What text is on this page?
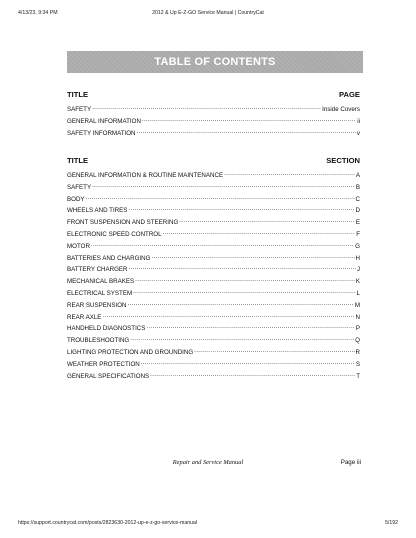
4/13/23, 9:34 PM	2012 & Up E-Z-GO Service Manual | CountryCat
TABLE OF CONTENTS
TITLE	PAGE
SAFETY .....	Inside Covers
GENERAL INFORMATION .....	ii
SAFETY INFORMATION .....	v
TITLE	SECTION
GENERAL INFORMATION & ROUTINE MAINTENANCE .....	A
SAFETY .....	B
BODY .....	C
WHEELS AND TIRES .....	D
FRONT SUSPENSION AND STEERING .....	E
ELECTRONIC SPEED CONTROL .....	F
MOTOR .....	G
BATTERIES AND CHARGING .....	H
BATTERY CHARGER .....	J
MECHANICAL BRAKES .....	K
ELECTRICAL SYSTEM .....	L
REAR SUSPENSION .....	M
REAR AXLE .....	N
HANDHELD DIAGNOSTICS .....	P
TROUBLESHOOTING .....	Q
LIGHTING PROTECTION AND GROUNDING .....	R
WEATHER PROTECTION .....	S
GENERAL SPECIFICATIONS .....	T
Repair and Service Manual	Page iii
https://support.countrycat.com/posts/2823630-2012-up-e-z-go-service-manual	5/192
